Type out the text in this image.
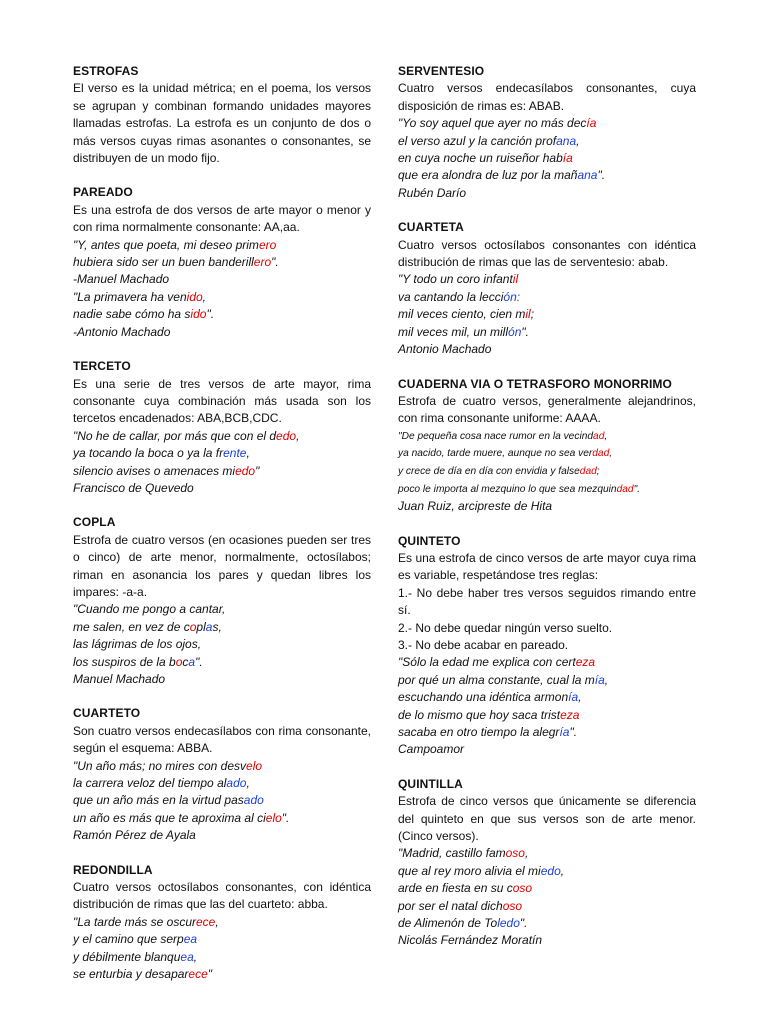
ESTROFAS
El verso es la unidad métrica; en el poema, los versos se agrupan y combinan formando unidades mayores llamadas estrofas. La estrofa es un conjunto de dos o más versos cuyas rimas asonantes o consonantes, se distribuyen de un modo fijo.
PAREADO
Es una estrofa de dos versos de arte mayor o menor y con rima normalmente consonante: AA,aa.
"Y, antes que poeta, mi deseo primero
hubiera sido ser un buen banderillero".
-Manuel Machado
"La primavera ha venido,
nadie sabe cómo ha sido".
-Antonio Machado
TERCETO
Es una serie de tres versos de arte mayor, rima consonante cuya combinación más usada son los tercetos encadenados: ABA,BCB,CDC.
"No he de callar, por más que con el dedo,
ya tocando la boca o ya la frente,
silencio avises o amenaces miedo"
Francisco de Quevedo
COPLA
Estrofa de cuatro versos (en ocasiones pueden ser tres o cinco) de arte menor, normalmente, octosílabos; riman en asonancia los pares y quedan libres los impares: -a-a.
"Cuando me pongo a cantar,
me salen, en vez de coplas,
las lágrimas de los ojos,
los suspiros de la boca".
Manuel Machado
CUARTETO
Son cuatro versos endecasílabos con rima consonante, según el esquema: ABBA.
"Un año más; no mires con desvelo
la carrera veloz del tiempo alado,
que un año más en la virtud pasado
un año es más que te aproxima al cielo".
Ramón Pérez de Ayala
REDONDILLA
Cuatro versos octosílabos consonantes, con idéntica distribución de rimas que las del cuarteto: abba.
"La tarde más se oscurece,
y el camino que serpea
y débilmente blanquea,
se enturbia y desaparece"
SERVENTESIO
Cuatro versos endecasílabos consonantes, cuya disposición de rimas es: ABAB.
"Yo soy aquel que ayer no más decía
el verso azul y la canción profana,
en cuya noche un ruiseñor había
que era alondra de luz por la mañana".
Rubén Darío
CUARTETA
Cuatro versos octosílabos consonantes con idéntica distribución de rimas que las de serventesio: abab.
"Y todo un coro infantil
va cantando la lección:
mil veces ciento, cien mil;
mil veces mil, un millón".
Antonio Machado
CUADERNA VIA O TETRASFORO MONORRIMO
Estrofa de cuatro versos, generalmente alejandrinos, con rima consonante uniforme: AAAA.
"De pequeña cosa nace rumor en la vecindad,
ya nacido, tarde muere, aunque no sea verdad,
y crece de día en día con envidia y falsedad;
poco le importa al mezquino lo que sea mezquindad".
Juan Ruiz, arcipreste de Hita
QUINTETO
Es una estrofa de cinco versos de arte mayor cuya rima es variable, respetándose tres reglas:
1.- No debe haber tres versos seguidos rimando entre sí.
2.- No debe quedar ningún verso suelto.
3.- No debe acabar en pareado.
"Sólo la edad me explica con certeza
por qué un alma constante, cual la mía,
escuchando una idéntica armonía,
de lo mismo que hoy saca tristeza
sacaba en otro tiempo la alegría".
Campoamor
QUINTILLA
Estrofa de cinco versos que únicamente se diferencia del quinteto en que sus versos son de arte menor. (Cinco versos).
"Madrid, castillo famoso,
que al rey moro alivia el miedo,
arde en fiesta en su coso
por ser el natal dichoso
de Alimenón de Toledo".
Nicolás Fernández Moratín
